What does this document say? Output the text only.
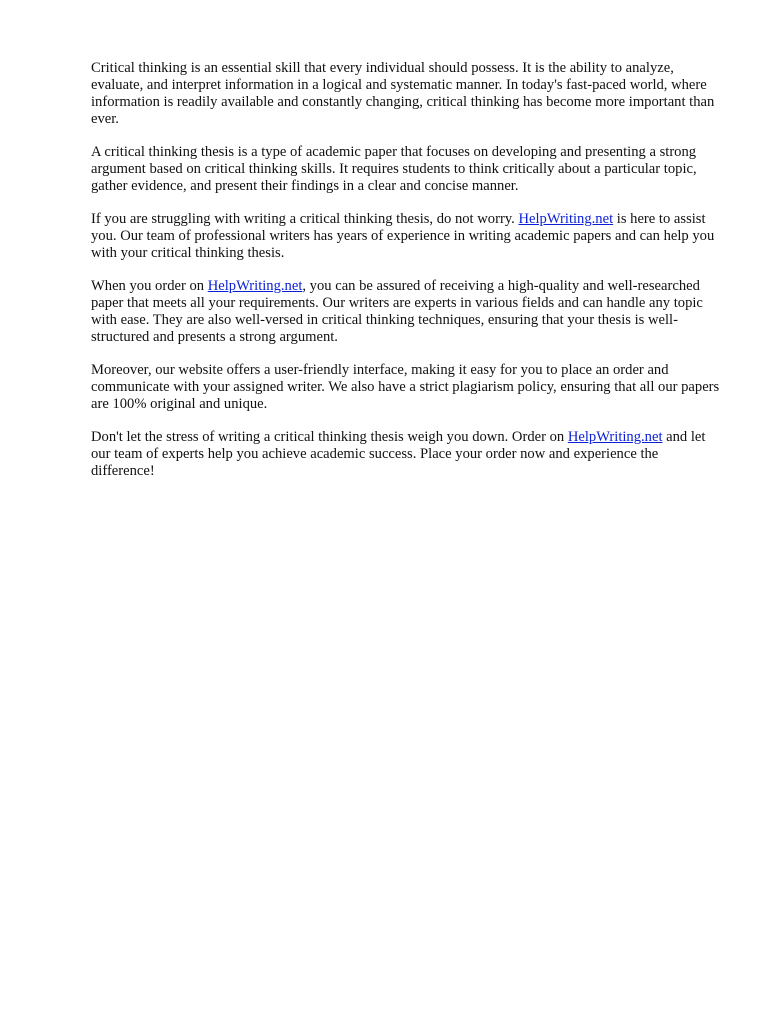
Critical thinking is an essential skill that every individual should possess. It is the ability to analyze, evaluate, and interpret information in a logical and systematic manner. In today's fast-paced world, where information is readily available and constantly changing, critical thinking has become more important than ever.

A critical thinking thesis is a type of academic paper that focuses on developing and presenting a strong argument based on critical thinking skills. It requires students to think critically about a particular topic, gather evidence, and present their findings in a clear and concise manner.

If you are struggling with writing a critical thinking thesis, do not worry. HelpWriting.net is here to assist you. Our team of professional writers has years of experience in writing academic papers and can help you with your critical thinking thesis.

When you order on HelpWriting.net, you can be assured of receiving a high-quality and well-researched paper that meets all your requirements. Our writers are experts in various fields and can handle any topic with ease. They are also well-versed in critical thinking techniques, ensuring that your thesis is well-structured and presents a strong argument.

Moreover, our website offers a user-friendly interface, making it easy for you to place an order and communicate with your assigned writer. We also have a strict plagiarism policy, ensuring that all our papers are 100% original and unique.

Don't let the stress of writing a critical thinking thesis weigh you down. Order on HelpWriting.net and let our team of experts help you achieve academic success. Place your order now and experience the difference!
